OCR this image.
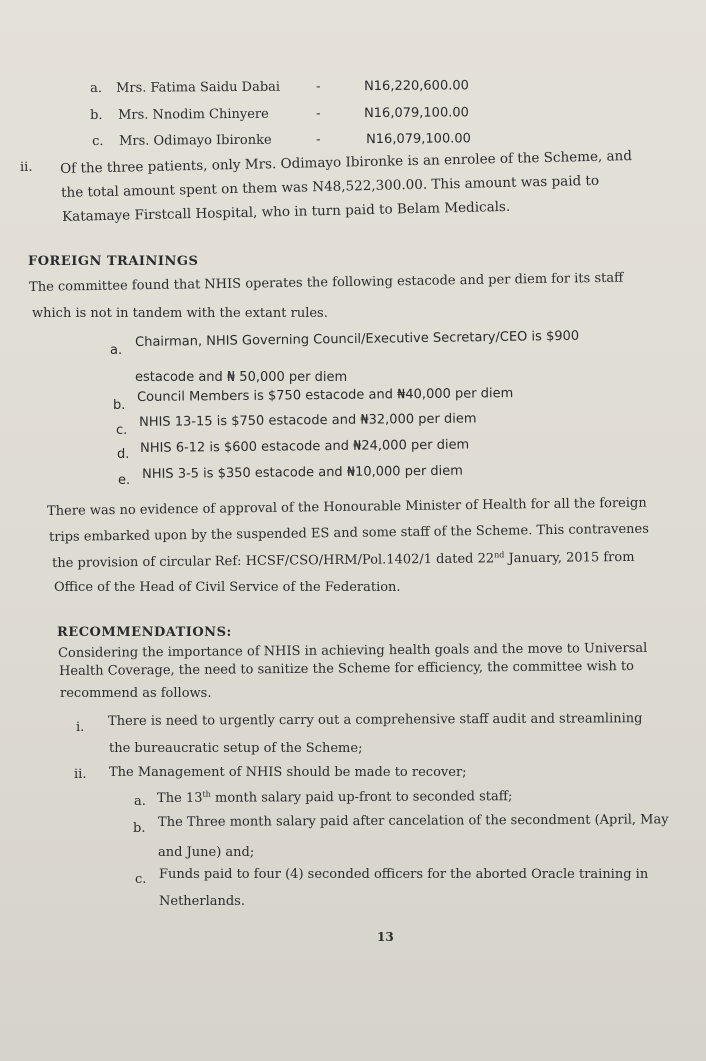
a. Mrs. Fatima Saidu Dabai	-	N16,220,600.00
b. Mrs. Nnodim Chinyere	-	N16,079,100.00
c. Mrs. Odimayo Ibironke	-	N16,079,100.00
ii. Of the three patients, only Mrs. Odimayo Ibironke is an enrolee of the Scheme, and
the total amount spent on them was N48,522,300.00. This amount was paid to
Katamaye Firstcall Hospital, who in turn paid to Belam Medicals.
FOREIGN TRAININGS
The committee found that NHIS operates the following estacode and per diem for its staff
which is not in tandem with the extant rules.
a.
Chairman, NHIS Governing Council/Executive Secretary/CEO is $900
estacode and ₦ 50,000 per diem
b.
Council Members is $750 estacode and ₦40,000 per diem
c.
NHIS 13-15 is $750 estacode and ₦32,000 per diem
d. NHIS 6-12 is $600 estacode and ₦24,000 per diem
e. NHIS 3-5 is $350 estacode and ₦10,000 per diem
There was no evidence of approval of the Honourable Minister of Health for all the foreign
trips embarked upon by the suspended ES and some staff of the Scheme. This contravenes
the provision of circular Ref: HCSF/CSO/HRM/Pol.1402/1 dated 22nd January, 2015 from
Office of the Head of Civil Service of the Federation.
RECOMMENDATIONS:
Considering the importance of NHIS in achieving health goals and the move to Universal
Health Coverage, the need to sanitize the Scheme for efficiency, the committee wish to
recommend as follows.
i. There is need to urgently carry out a comprehensive staff audit and streamlining
the bureaucratic setup of the Scheme;
ii. The Management of NHIS should be made to recover;
a. The 13th month salary paid up-front to seconded staff;
b. The Three month salary paid after cancelation of the secondment (April, May
and June) and;
c. Funds paid to four (4) seconded officers for the aborted Oracle training in
Netherlands.
13
